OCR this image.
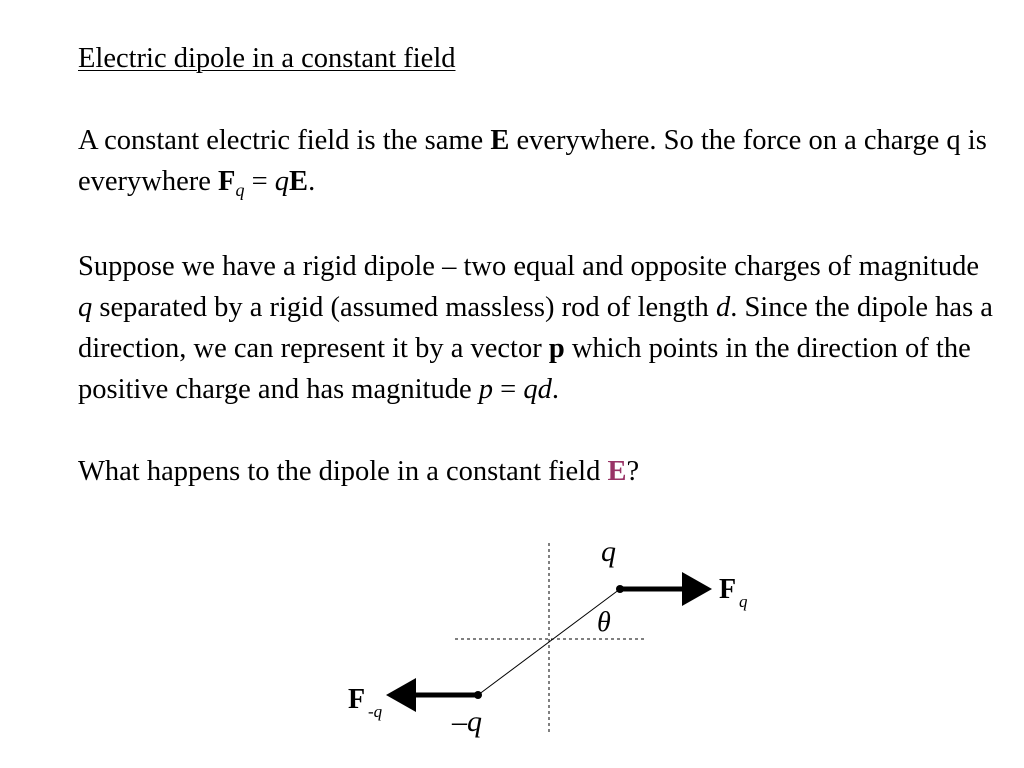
Electric dipole in a constant field

A constant electric field is the same E everywhere. So the force on a charge q is everywhere $F_q$ = qE.

Suppose we have a rigid dipole – two equal and opposite charges of magnitude q separated by a rigid (assumed massless) rod of length d. Since the dipole has a direction, we can represent it by a vector p which points in the direction of the positive charge and has magnitude p = qd.

What happens to the dipole in a constant field E?

q
θ
F q
F -q –q
